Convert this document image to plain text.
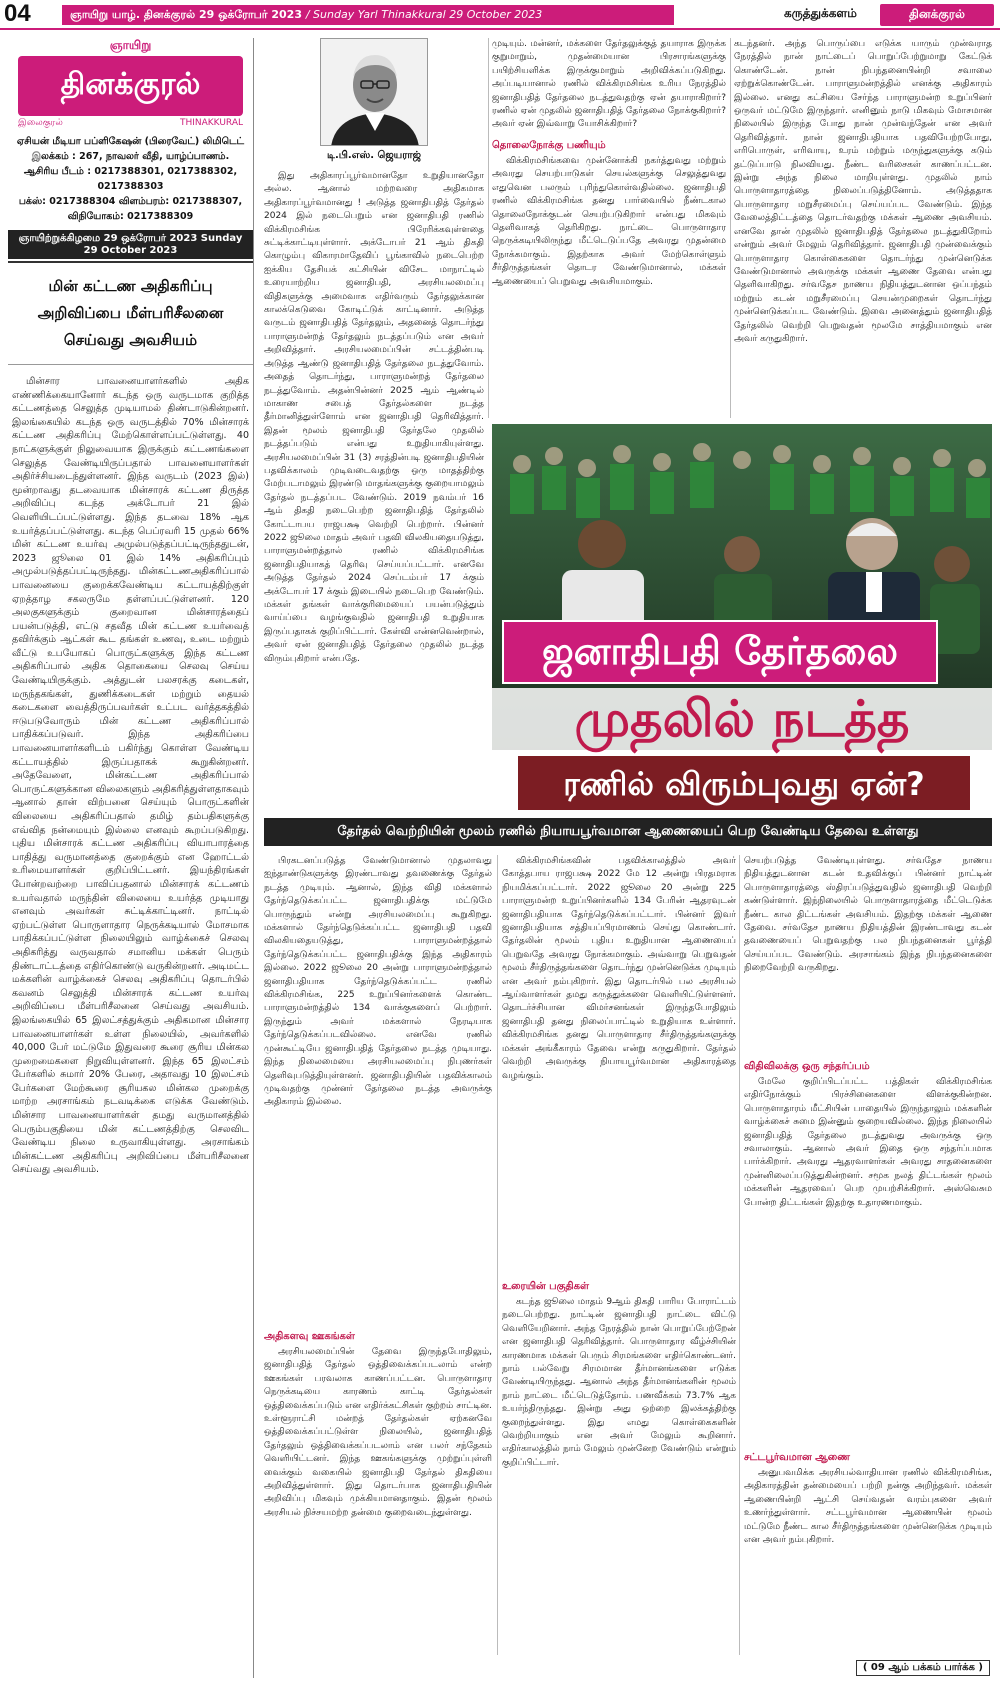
04	ஞாயிறு யாழ். தினக்குரல் 29 ஒக்ரோபர் 2023 / Sunday Yarl Thinakkural 29 October 2023	கருத்துக்களம்	தினக்குரல்
ஞாயிறு
தினக்குரல்
இலைகுரல்	THINAKKURAL
ஏசியன் மீடியா பப்ளிகேஷன் (பிரைவேட்) லிமிடெட்
இலக்கம் : 267, நாவலர் வீதி, யாழ்ப்பாணம்.
ஆசிரிய பீடம் : 0217388301, 0217388302, 0217388303
பக்ஸ்: 0217388304 விளம்பரம்: 0217388307, விநியோகம்: 0217388309
ஞாயிற்றுக்கிழமை 29 ஒக்ரோபர் 2023 Sunday 29 October 2023
மின் கட்டண அதிகரிப்பு அறிவிப்பை மீள்பரிசீலனை செய்வது அவசியம்
மின்சார பாவனையாளர்களில் அதிக எண்ணிக்கையானோர் கடந்த ஒரு வருடமாக குறித்த கட்டணத்தை செலுத்த முடியாமல் திண்டாடுகின்றனர். இலங்கையில் கடந்த ஒரு வருடத்தில் 70% மின்சாரக் கட்டண அதிகரிப்பு மேற்கொள்ளப்பட்டுள்ளது. 40 நாட்களுக்குள் நிலுவையாக இருக்கும் கட்டணங்களை செலுத்த வேண்டியிருப்பதால் பாவனையாளர்கள் அதிர்ச்சியடைந்துள்ளனர். இந்த வருடம் (2023 இல்) மூன்றாவது தடவையாக மின்சாரக் கட்டண திருத்த அறிவிப்பு கடந்த அக்டோபர் 21 இல் வெளியிடப்பட்டுள்ளது. இந்த தடவை 18% ஆக உயர்த்தப்பட்டுள்ளது. கடந்த பெப்ரவரி 15 முதல் 66% மின் கட்டண உயர்வு அமுல்படுத்தப்பட்டிருந்ததுடன், 2023 ஜூலை 01 இல் 14% அதிகரிப்பும் அமுல்படுத்தப்பட்டிருந்தது. மின்கட்டணஅதிகரிப்பால் பாவனையை குறைக்கவேண்டிய கட்டாயத்திற்குள் ஏறத்தாழ சகலருமே தள்ளப்பட்டுள்ளனர். 120 அலகுகளுக்கும் குறைவான மின்சாரத்தைப் பயன்படுத்தி, எட்டு சதவீத மின் கட்டண உயர்வைத் தவிர்க்கும் ஆட்கள் கூட தங்கள் உணவு, உடை மற்றும் வீட்டு உபயோகப் பொருட்களுக்கு இந்த கட்டண அதிகரிப்பால் அதிக தொகையை செலவு செய்ய வேண்டியிருக்கும். அத்துடன் பலசரக்கு கடைகள், மருந்தகங்கள், துணிக்கடைகள் மற்றும் தையல் கடைகளை வைத்திருப்பவர்கள் உட்பட வர்த்தகத்தில் ஈடுபடுவோரும் மின் கட்டண அதிகரிப்பால் பாதிக்கப்படுவர். இந்த அதிகரிப்பை பாவனையாளர்களிடம் பகிர்ந்து கொள்ள வேண்டிய கட்டாயத்தில் இருப்பதாகக் கூறுகின்றனர். அதேவேளை, மின்கட்டண அதிகரிப்பால் பொருட்களுக்கான விலைகளும் அதிகரித்துள்ளதாகவும் ஆனால் தான் விற்பனை செய்யும் பொருட்களின் விலையை அதிகரிப்பதால் தமிழ் தம்பதிகளுக்கு எவ்வித நன்மையும் இல்லை எனவும் கூறப்படுகிறது. புதிய மின்சாரக் கட்டண அதிகரிப்பு வியாபாரத்தை பாதித்து வருமானத்தை குறைக்கும் என ஹோட்டல் உரிமையாளர்கள் குறிப்பிட்டனர். இயந்திரங்கள் போன்றவற்றை பாவிப்பதனால் மின்சாரக் கட்டணம் உயர்வதால் மருந்தின் விலையை உயர்த்த முடியாது எனவும் அவர்கள் சுட்டிக்காட்டினர். நாட்டில் ஏற்பட்டுள்ள பொருளாதார நெருக்கடியால் மோசமாக பாதிக்கப்பட்டுள்ள நிலையிலும் வாழ்க்கைச் செலவு அதிகரித்து வருவதால் சமானிய மக்கள் பெரும் திண்டாட்டத்தை எதிர்கொண்டு வருகின்றனர். அடிமட்ட மக்களின் வாழ்க்கைச் செலவு அதிகரிப்பு தொடர்பில் கவனம் செலுத்தி மின்சாரக் கட்டண உயர்வு அறிவிப்பை மீள்பரிசீலனை செய்வது அவசியம். இலங்கையில் 65 இலட்சத்துக்கும் அதிகமான மின்சார பாவனையாளர்கள் உள்ள நிலையில், அவர்களில் 40,000 பேர் மட்டுமே இதுவரை கூரை சூரிய மின்கல முறைமைகளை நிறுவியுள்ளனர். இந்த 65 இலட்சம் பேர்களில் சுமார் 20% பேரை, அதாவது 10 இலட்சம் பேர்களை மேற்கூரை சூரியகல மின்கல முறைக்கு மாற்ற அரசாங்கம் நடவடிக்கை எடுக்க வேண்டும். மின்சார பாவனையாளர்கள் தமது வருமானத்தில் பெரும்பகுதியை மின் கட்டணத்திற்கு செலவிட வேண்டிய நிலை உருவாகியுள்ளது. அரசாங்கம் மின்கட்டண அதிகரிப்பு அறிவிப்பை மீள்பரிசீலனை செய்வது அவசியம்.
டி.பி.எஸ். ஜெயராஜ்
இது அதிகாரப்பூர்வமானதோ உறுதியானதோ அல்ல. ஆனால் மற்றவரை அதிகமாக அதிகாரப்பூர்வமானது ! அடுத்த ஜனாதிபதித் தேர்தல் 2024 இல் நடைபெறும் என ஜனாதிபதி ரணில் விக்கிரமசிங்க பிரேரிக்கவுள்ளதை சுட்டிக்காட்டியுள்ளார். அக்டோபர் 21 ஆம் திகதி கொழும்பு விகாரமாதேவிப் பூங்காவில் நடைபெற்ற ஐக்கிய தேசியக் கட்சியின் விசேட மாநாட்டில் உரையாற்றிய ஜனாதிபதி, அரசியலமைப்பு விதிகளுக்கு அமைவாக எதிர்வரும் தேர்தலுக்கான காலக்கெடுவை கோடிட்டுக் காட்டினார். அடுத்த வருடம் ஜனாதிபதித் தேர்தலும், அதனைத் தொடர்ந்து பாராளுமன்றத் தேர்தலும் நடத்தப்படும் என அவர் அறிவித்தார். அரசியலமைப்பின் சட்டத்தின்படி அடுத்த ஆண்டு ஜனாதிபதித் தேர்தலை நடத்துவோம். அதைத் தொடர்ந்து, பாராளுமன்றத் தேர்தலை நடத்துவோம். அதன்பின்னர் 2025 ஆம் ஆண்டில் மாகாண சபைத் தேர்தல்களை நடத்த தீர்மானித்துள்ளோம் என ஜனாதிபதி தெரிவித்தார். இதன் மூலம் ஜனாதிபதி தேர்தலே முதலில் நடத்தப்படும் என்பது உறுதியாகியுள்ளது. அரசியலமைப்பின் 31 (3) சரத்தின்படி ஜனாதிபதியின் பதவிக்காலம் முடிவடைவதற்கு ஒரு மாதத்திற்கு மேற்படாமலும் இரண்டு மாதங்களுக்கு குறையாமலும் தேர்தல் நடத்தப்பட வேண்டும். 2019 நவம்பர் 16 ஆம் திகதி நடைபெற்ற ஜனாதிபதித் தேர்தலில் கோட்டாபய ராஜபக்ஷ வெற்றி பெற்றார். பின்னர் 2022 ஜூலை மாதம் அவர் பதவி விலகியதையடுத்து, பாராளுமன்றத்தால் ரணில் விக்கிரமசிங்க ஜனாதிபதியாகத் தெரிவு செய்யப்பட்டார். எனவே அடுத்த தேர்தல் 2024 செப்டம்பர் 17 க்கும் அக்டோபர் 17 க்கும் இடையில் நடைபெற வேண்டும். மக்கள் தங்கள் வாக்குரிமையைப் பயன்படுத்தும் வாய்ப்பை வழங்குவதில் ஜனாதிபதி உறுதியாக இருப்பதாகக் குறிப்பிட்டார். கேள்வி என்னவென்றால், அவர் ஏன் ஜனாதிபதித் தேர்தலை முதலில் நடத்த விரும்புகிறார் என்பதே.
முடியும். மன்னர், மக்களை தேர்தலுக்குத் தயாராக இருக்க குறுமாறும், முதன்மையான பிரசாரங்களுக்கு பயிற்சியளிக்க இருக்குமாறும் அறிவிக்கப்படுகிறது. அப்படியானால் ரணில் விக்கிரமசிங்க உரிய நேரத்தில் ஜனாதிபதித் தேர்தலை நடத்துவதற்கு ஏன் தயாராகிறார்? ரணில் ஏன் முதலில் ஜனாதிபதித் தேர்தலை நோக்குகிறார்? அவர் ஏன் இவ்வாறு யோசிக்கிறார்?
தொலைநோக்கு பணியும்
விக்கிரமசிங்கவை முன்னோக்கி நகர்த்துவது மற்றும் அவரது செயற்பாடுகள் செயல்களுக்கு செலுத்துவது எதுவென பலரும் புரிந்துகொள்வதில்லை. ஜனாதிபதி ரணில் விக்கிரமசிங்க தனது பார்வையில் நீண்டகால தொலைநோக்குடன் செயற்படுகிறார் என்பது மிகவும் தெளிவாகத் தெரிகிறது. நாட்டை பொருளாதார நெருக்கடியிலிருந்து மீட்டெடுப்பதே அவரது முதன்மை நோக்கமாகும். இதற்காக அவர் மேற்கொள்ளும் சீர்திருத்தங்கள் தொடர வேண்டுமானால், மக்கள் ஆணையைப் பெறுவது அவசியமாகும்.
கடந்தனர். அந்த பொருப்பை எடுக்க யாரும் முன்வராத நேரத்தில் நான் நாட்டைப் பொறுப்பேற்றுமாறு கேட்டுக் கொண்டேன். நான் நிபந்தனையின்றி சவாலை ஏற்றுக்கொண்டேன். பாராளுமன்றத்தில் எனக்கு அதிகாரம் இல்லை. எனது கட்சியை சேர்ந்த பாராளுமன்ற உறுப்பினர் ஒருவர் மட்டுமே இருந்தார். எனினும் நாடு மிகவும் மோசமான நிலையில் இருந்த போது நான் முன்வந்தேன் என அவர் தெரிவித்தார். நான் ஜனாதிபதியாக பதவியேற்றபோது, எரிபொருள், எரிவாயு, உரம் மற்றும் மருந்துகளுக்கு கடும் தட்டுப்பாடு நிலவியது. நீண்ட வரிசைகள் காணப்பட்டன. இன்று அந்த நிலை மாறியுள்ளது. முதலில் நாம் பொருளாதாரத்தை நிலைப்படுத்தினோம். அடுத்ததாக பொருளாதார மறுசீரமைப்பு செய்யப்பட வேண்டும். இந்த வேலைத்திட்டத்தை தொடர்வதற்கு மக்கள் ஆணை அவசியம். எனவே தான் முதலில் ஜனாதிபதித் தேர்தலை நடத்துகிறோம் என்றும் அவர் மேலும் தெரிவித்தார். ஜனாதிபதி முன்வைக்கும் பொருளாதார கொள்கைகளை தொடர்ந்து முன்னெடுக்க வேண்டுமானால் அவருக்கு மக்கள் ஆணை தேவை என்பது தெளிவாகிறது. சர்வதேச நாணய நிதியத்துடனான ஒப்பந்தம் மற்றும் கடன் மறுசீரமைப்பு செயன்முறைகள் தொடர்ந்து முன்னெடுக்கப்பட வேண்டும். இவை அனைத்தும் ஜனாதிபதித் தேர்தலில் வெற்றி பெறுவதன் மூலமே சாத்தியமாகும் என அவர் கருதுகிறார்.
ஜனாதிபதி தேர்தலை
முதலில் நடத்த
ரணில் விரும்புவது ஏன்?
தேர்தல் வெற்றியின் மூலம் ரணில் நியாயபூர்வமான ஆணையைப் பெற வேண்டிய தேவை உள்ளது
பிரகடனப்படுத்த வேண்டுமானால் முதலாவது ஐந்தாண்டுகளுக்கு இரண்டாவது தவணைக்கு தேர்தல் நடத்த முடியும். ஆனால், இந்த விதி மக்களால் தேர்ந்தெடுக்கப்பட்ட ஜனாதிபதிக்கு மட்டுமே பொருந்தும் என்று அரசியலமைப்பு கூறுகிறது. மக்களால் தேர்ந்தெடுக்கப்பட்ட ஜனாதிபதி பதவி விலகியதையடுத்து, பாராளுமன்றத்தால் தேர்ந்தெடுக்கப்பட்ட ஜனாதிபதிக்கு இந்த அதிகாரம் இல்லை. 2022 ஜூலை 20 அன்று பாராளுமன்றத்தால் ஜனாதிபதியாக தேர்ந்தெடுக்கப்பட்ட ரணில் விக்கிரமசிங்க, 225 உறுப்பினர்களைக் கொண்ட பாராளுமன்றத்தில் 134 வாக்குகளைப் பெற்றார். இருந்தும் அவர் மக்களால் நேரடியாக தேர்ந்தெடுக்கப்படவில்லை. எனவே ரணில் முன்கூட்டியே ஜனாதிபதித் தேர்தலை நடத்த முடியாது. இந்த நிலைமையை அரசியலமைப்பு நிபுணர்கள் தெளிவுபடுத்தியுள்ளனர். ஜனாதிபதியின் பதவிக்காலம் முடிவதற்கு முன்னர் தேர்தலை நடத்த அவருக்கு அதிகாரம் இல்லை.
அதிகளவு ஊகங்கள்
அரசியலமைப்பின் தேவை இருந்தபோதிலும், ஜனாதிபதித் தேர்தல் ஒத்திவைக்கப்படலாம் என்ற ஊகங்கள் பரவலாக காணப்பட்டன. பொருளாதார நெருக்கடியை காரணம் காட்டி தேர்தல்கள் ஒத்திவைக்கப்படும் என எதிர்க்கட்சிகள் குற்றம் சாட்டின. உள்ளூராட்சி மன்றத் தேர்தல்கள் ஏற்கனவே ஒத்திவைக்கப்பட்டுள்ள நிலையில், ஜனாதிபதித் தேர்தலும் ஒத்திவைக்கப்படலாம் என பலர் சந்தேகம் வெளியிட்டனர். இந்த ஊகங்களுக்கு முற்றுப்புள்ளி வைக்கும் வகையில் ஜனாதிபதி தேர்தல் திகதியை அறிவித்துள்ளார். இது தொடர்பாக ஜனாதிபதியின் அறிவிப்பு மிகவும் முக்கியமானதாகும். இதன் மூலம் அரசியல் நிச்சயமற்ற தன்மை குறைவடைந்துள்ளது.
விக்கிரமசிங்கவின் பதவிக்காலத்தில் அவர் கோத்தபாய ராஜபக்ஷ 2022 மே 12 அன்று பிரதமராக நியமிக்கப்பட்டார். 2022 ஜூலை 20 அன்று 225 பாராளுமன்ற உறுப்பினர்களில் 134 பேரின் ஆதரவுடன் ஜனாதிபதியாக தேர்ந்தெடுக்கப்பட்டார். பின்னர் இவர் ஜனாதிபதியாக சத்தியப்பிரமாணம் செய்து கொண்டார். தேர்தலின் மூலம் புதிய உறுதியான ஆணையைப் பெறுவதே அவரது நோக்கமாகும். அவ்வாறு பெறுவதன் மூலம் சீர்திருத்தங்களை தொடர்ந்து முன்னெடுக்க முடியும் என அவர் நம்புகிறார். இது தொடர்பில் பல அரசியல் ஆய்வாளர்கள் தமது கருத்துக்களை வெளியிட்டுள்ளனர். தொடர்ச்சியான விமர்சனங்கள் இருந்தபோதிலும் ஜனாதிபதி தனது நிலைப்பாட்டில் உறுதியாக உள்ளார். விக்கிரமசிங்க தனது பொருளாதார சீர்திருத்தங்களுக்கு மக்கள் அங்கீகாரம் தேவை என்று கருதுகிறார். தேர்தல் வெற்றி அவருக்கு நியாயபூர்வமான அதிகாரத்தை வழங்கும்.
உரையின் பகுதிகள்
கடந்த ஜூலை மாதம் 9ஆம் திகதி பாரிய போராட்டம் நடைபெற்றது. நாட்டின் ஜனாதிபதி நாட்டை விட்டு வெளியேறினார். அந்த நேரத்தில் நான் பொறுப்பேற்றேன் என ஜனாதிபதி தெரிவித்தார். பொருளாதார வீழ்ச்சியின் காரணமாக மக்கள் பெரும் சிரமங்களை எதிர்கொண்டனர். நாம் பல்வேறு சிரமமான தீர்மானங்களை எடுக்க வேண்டியிருந்தது. ஆனால் அந்த தீர்மானங்களின் மூலம் நாம் நாட்டை மீட்டெடுத்தோம். பணவீக்கம் 73.7% ஆக உயர்ந்திருந்தது. இன்று அது ஒற்றை இலக்கத்திற்கு குறைந்துள்ளது. இது எமது கொள்கைகளின் வெற்றியாகும் என அவர் மேலும் கூறினார். எதிர்காலத்தில் நாம் மேலும் முன்னேற வேண்டும் என்றும் குறிப்பிட்டார்.
செயற்படுத்த வேண்டியுள்ளது. சர்வதேச நாணய நிதியத்துடனான கடன் உதவிக்குப் பின்னர் நாட்டின் பொருளாதாரத்தை ஸ்திரப்படுத்துவதில் ஜனாதிபதி வெற்றி கண்டுள்ளார். இந்நிலையில் பொருளாதாரத்தை மீட்டெடுக்க நீண்ட கால திட்டங்கள் அவசியம். இதற்கு மக்கள் ஆணை தேவை. சர்வதேச நாணய நிதியத்தின் இரண்டாவது கடன் தவணையைப் பெறுவதற்கு பல நிபந்தனைகள் பூர்த்தி செய்யப்பட வேண்டும். அரசாங்கம் இந்த நிபந்தனைகளை நிறைவேற்றி வருகிறது.
விதிவிலக்கு ஒரு சந்தர்ப்பம்
மேலே குறிப்பிடப்பட்ட பத்திகள் விக்கிரமசிங்க எதிர்நோக்கும் பிரச்சினைகளை விளக்குகின்றன. பொருளாதாரம் மீட்சியின் பாதையில் இருந்தாலும் மக்களின் வாழ்க்கைச் சுமை இன்னும் குறையவில்லை. இந்த நிலையில் ஜனாதிபதித் தேர்தலை நடத்துவது அவருக்கு ஒரு சவாலாகும். ஆனால் அவர் இதை ஒரு சந்தர்ப்பமாக பார்க்கிறார். அவரது ஆதரவாளர்கள் அவரது சாதனைகளை முன்னிலைப்படுத்துகின்றனர். சமூக நலத் திட்டங்கள் மூலம் மக்களின் ஆதரவைப் பெற முயற்சிக்கிறார். அஸ்வெசும போன்ற திட்டங்கள் இதற்கு உதாரணமாகும்.
சட்டபூர்வமான ஆணை
அனுபவமிக்க அரசியல்வாதியான ரணில் விக்கிரமசிங்க, அதிகாரத்தின் தன்மையைப் பற்றி நன்கு அறிந்தவர். மக்கள் ஆணையின்றி ஆட்சி செய்வதன் வரம்புகளை அவர் உணர்ந்துள்ளார். சட்டபூர்வமான ஆணையின் மூலம் மட்டுமே நீண்ட கால சீர்திருத்தங்களை முன்னெடுக்க முடியும் என அவர் நம்புகிறார்.
( 09 ஆம் பக்கம் பார்க்க )
